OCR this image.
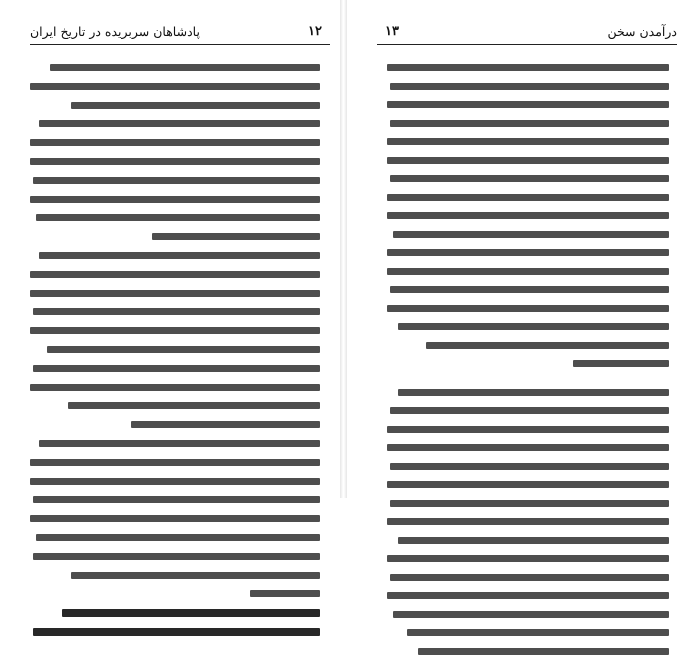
پادشاهان سربریده در تاریخ ایران	۱۲	۱۳	درآمدن سخن
